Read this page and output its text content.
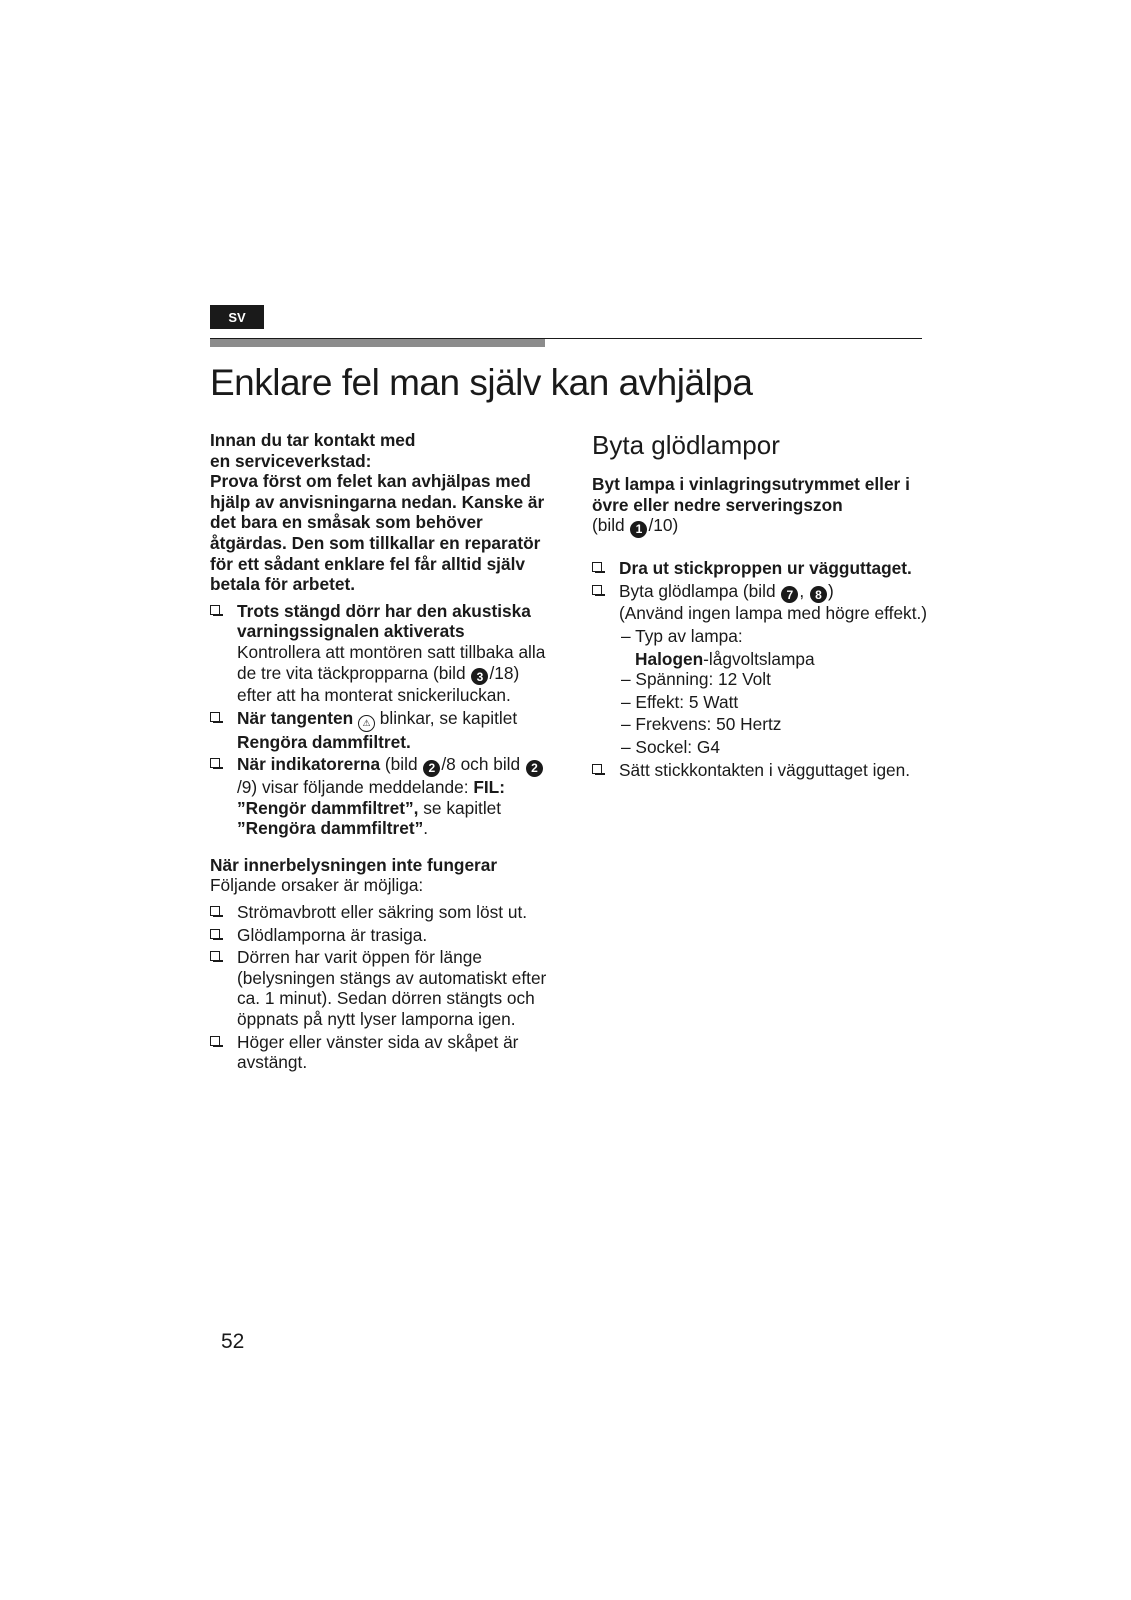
SV
Enklare fel man själv kan avhjälpa

Innan du tar kontakt med

en serviceverkstad:

Prova först om felet kan avhjälpas med hjälp av anvisningarna nedan. Kanske är det bara en småsak som behöver åtgärdas. Den som tillkallar en reparatör för ett sådant enklare fel får alltid själv betala för arbetet.

Trots stängd dörr har den akustiska varningssignalen aktiverats

Kontrollera att montören satt tillbaka alla de tre vita täckpropparna (bild 3 /18) efter att ha monterat snickeriluckan.

När tangenten ⚠ blinkar, se kapitlet Rengöra dammfiltret.

När indikatorerna (bild 2 /8 och bild 2/9) visar följande meddelande: FIL: ”Rengör dammfiltret”, se kapitlet ”Rengöra dammfiltret”.

När innerbelysningen inte fungerar

Följande orsaker är möjliga:

Strömavbrott eller säkring som löst ut.

Glödlamporna är trasiga.

Dörren har varit öppen för länge (belysningen stängs av automatiskt efter ca. 1 minut). Sedan dörren stängts och öppnats på nytt lyser lamporna igen.

Höger eller vänster sida av skåpet är avstängt.

Byta glödlampor

Byt lampa i vinlagringsutrymmet eller i övre eller nedre serveringszon

(bild 1 /10)

Dra ut stickproppen ur vägguttaget.

Byta glödlampa (bild 7 , 8 )

(Använd ingen lampa med högre effekt.)

– Typ av lampa:

Halogen-lågvoltslampa

– Spänning: 12 Volt

– Effekt: 5 Watt

– Frekvens: 50 Hertz

– Sockel: G4

Sätt stickkontakten i vägguttaget igen.

52
